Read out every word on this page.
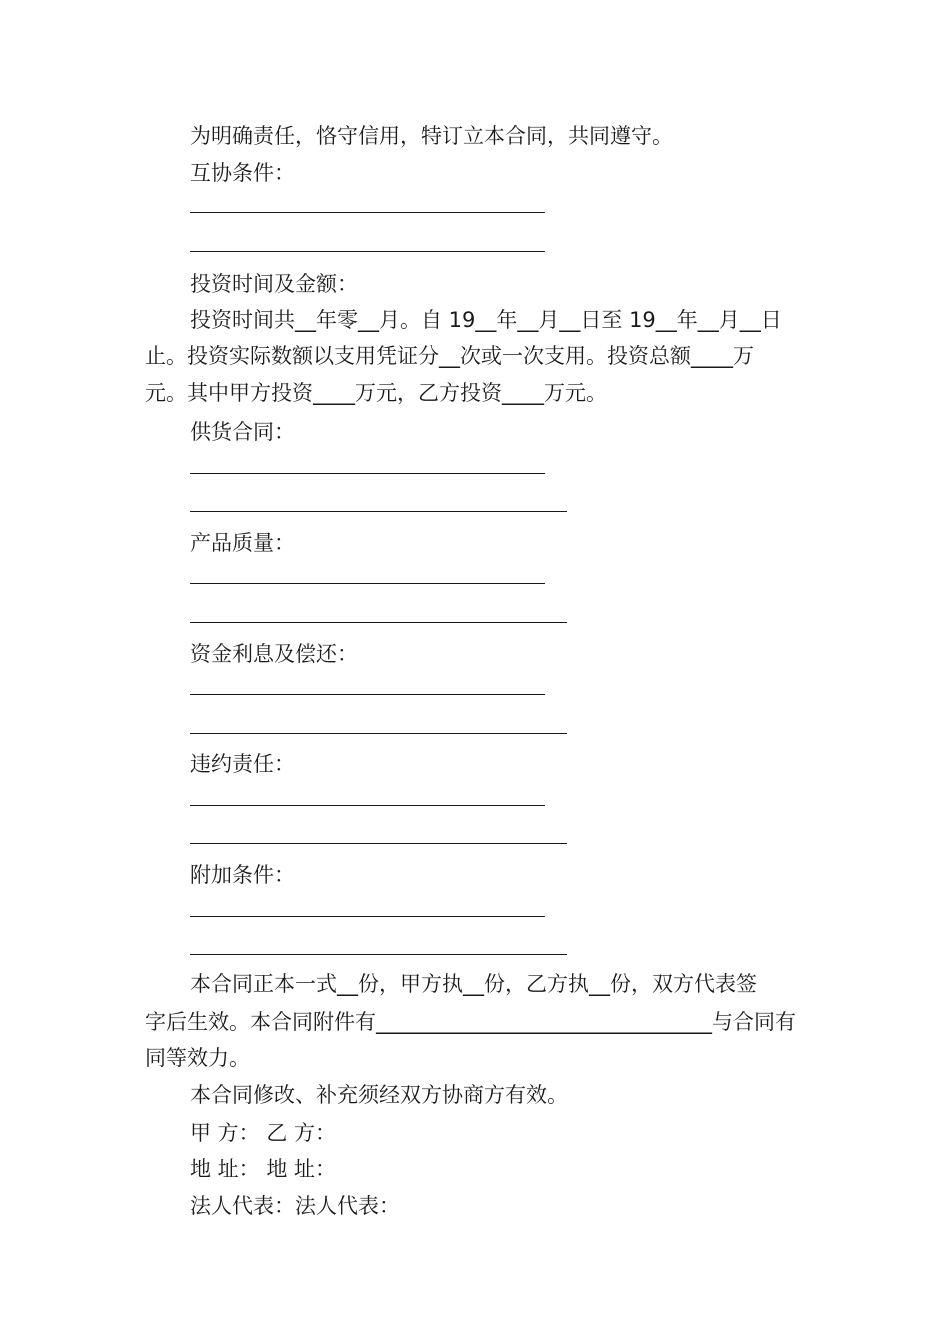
为明确责任，恪守信用，特订立本合同，共同遵守。
互协条件：
投资时间及金额：
投资时间共__年零__月。自 19__年__月__日至 19__年__月__日
止。投资实际数额以支用凭证分__次或一次支用。投资总额____万
元。其中甲方投资____万元，乙方投资____万元。
供货合同：
产品质量：
资金利息及偿还：
违约责任：
附加条件：
本合同正本一式__份，甲方执__份，乙方执__份，双方代表签
字后生效。本合同附件有________________________________与合同有
同等效力。
本合同修改、补充须经双方协商方有效。
甲 方： 乙 方：
地 址： 地 址：
法人代表：法人代表：
